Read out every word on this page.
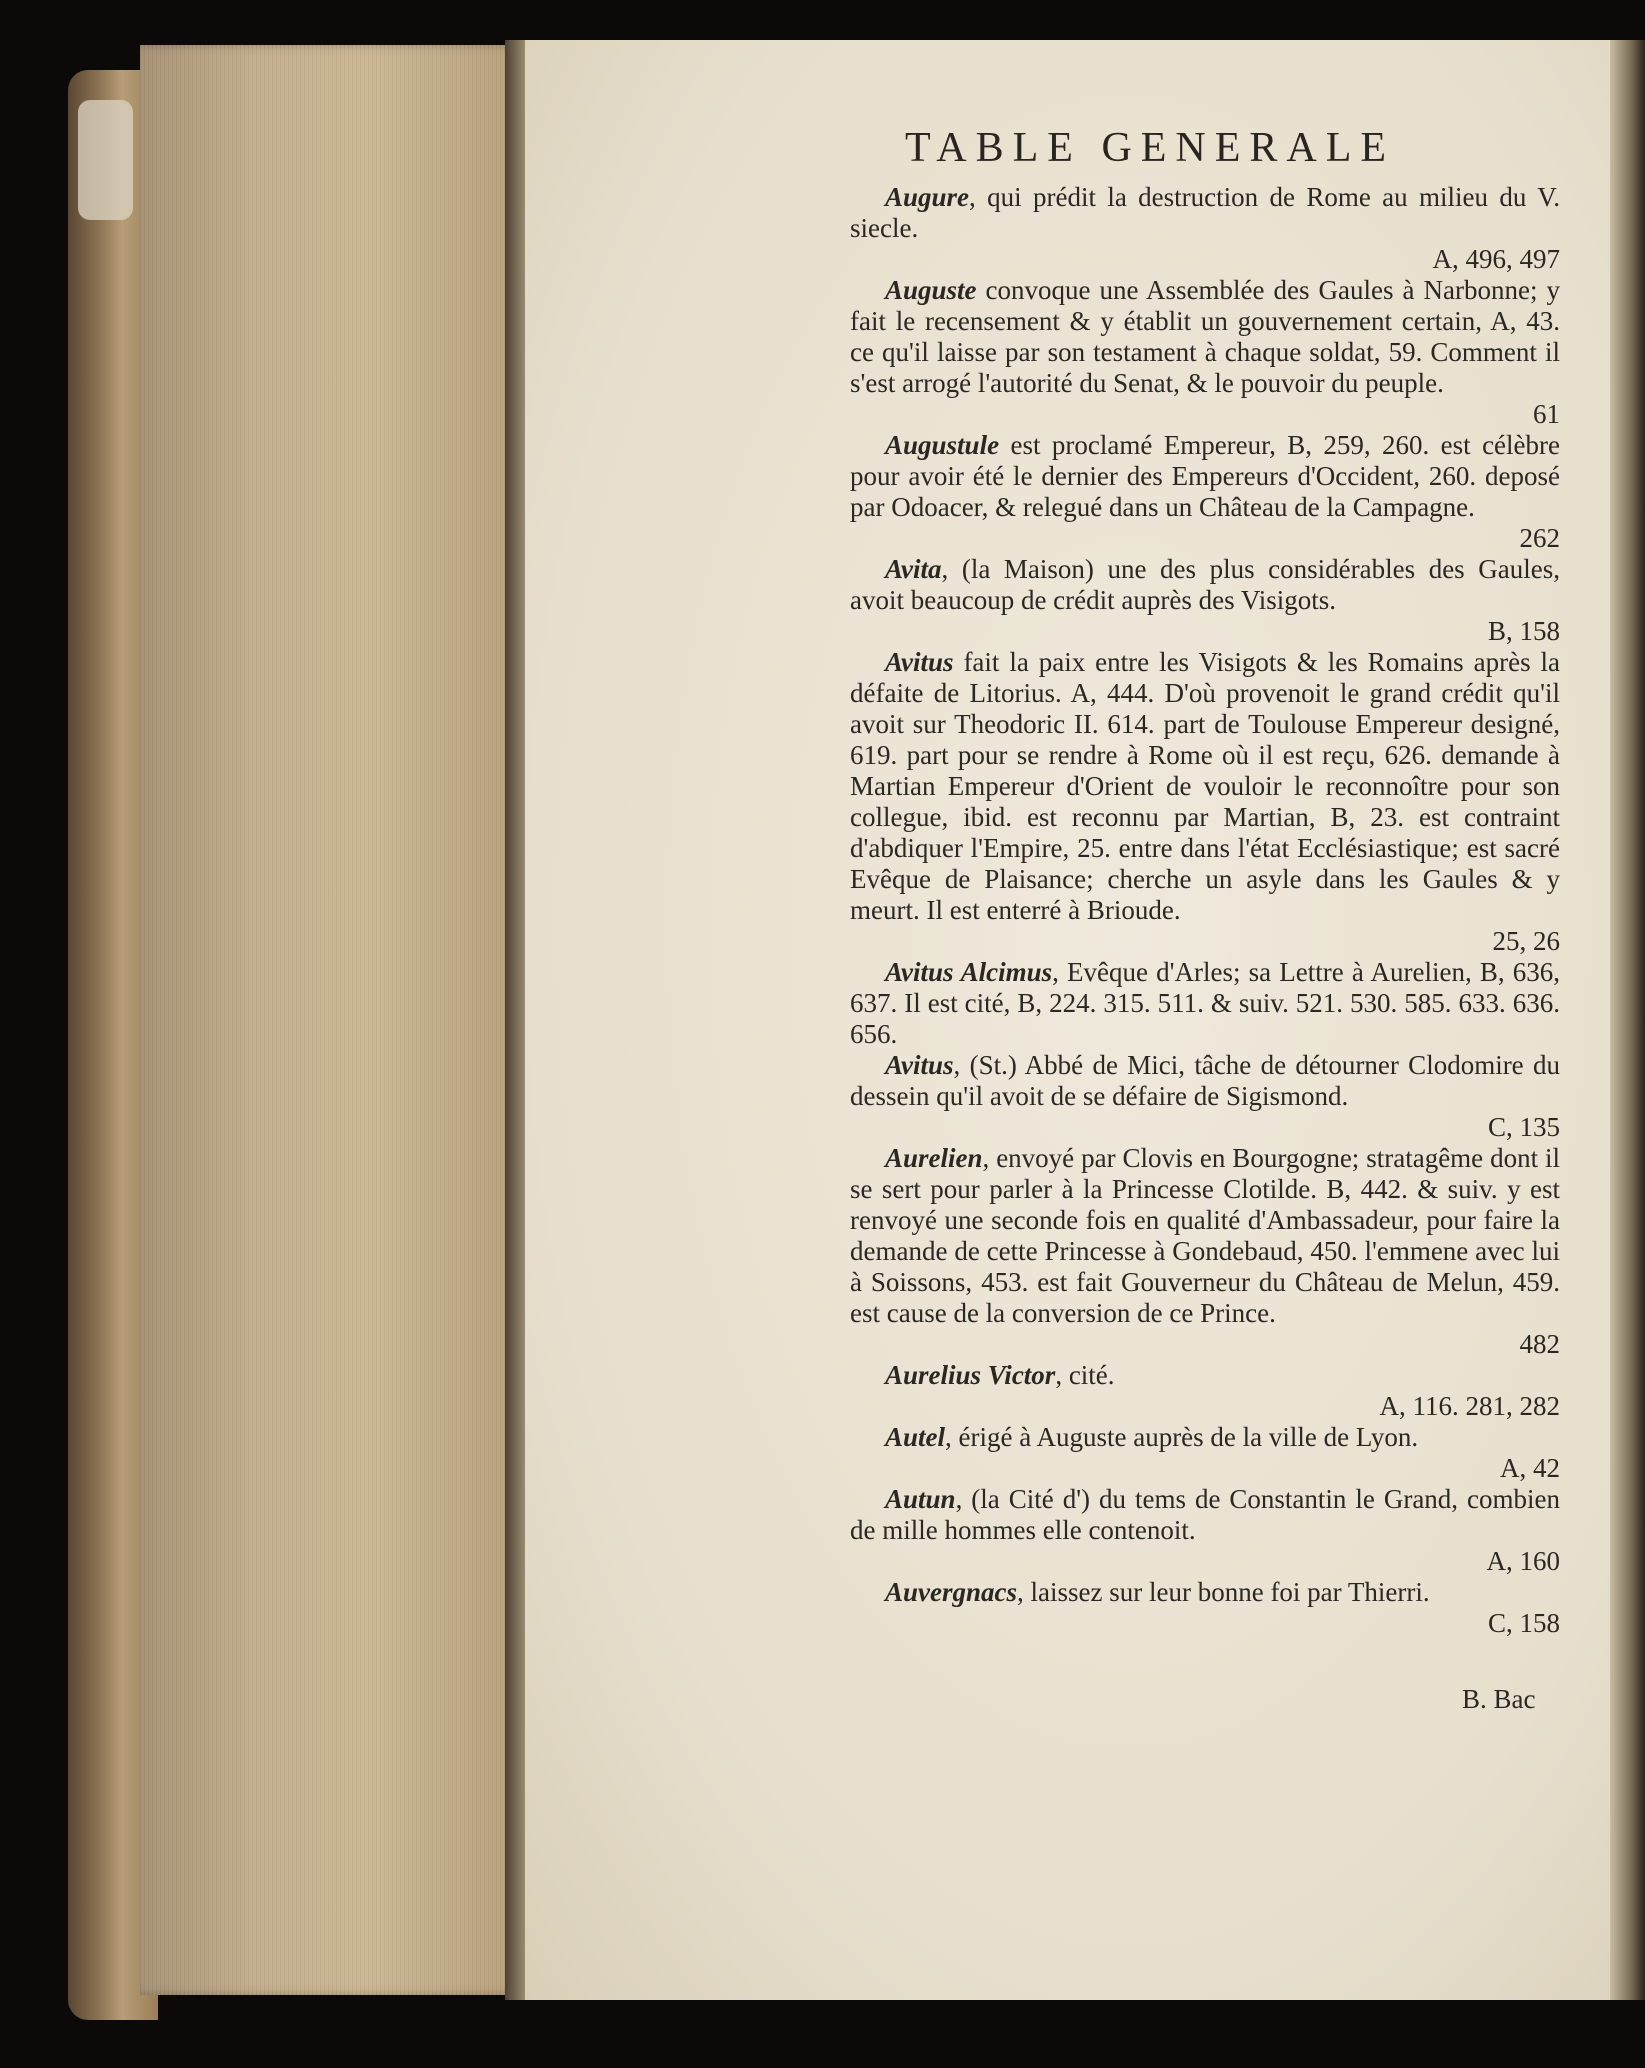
TABLE GENERALE

Augure, qui prédit la destruction de Rome au milieu du V. siecle.
A, 496, 497

Auguste convoque une Assemblée des Gaules à Narbonne; y fait le recensement & y établit un gouvernement certain, A, 43. ce qu'il laisse par son testament à chaque soldat, 59. Comment il s'est arrogé l'autorité du Senat, & le pouvoir du peuple.
61

Augustule est proclamé Empereur, B, 259, 260. est célèbre pour avoir été le dernier des Empereurs d'Occident, 260. deposé par Odoacer, & relegué dans un Château de la Campagne.
262

Avita, (la Maison) une des plus considérables des Gaules, avoit beaucoup de crédit auprès des Visigots.
B, 158

Avitus fait la paix entre les Visigots & les Romains après la défaite de Litorius. A, 444. D'où provenoit le grand crédit qu'il avoit sur Theodoric II. 614. part de Toulouse Empereur designé, 619. part pour se rendre à Rome où il est reçu, 626. demande à Martian Empereur d'Orient de vouloir le reconnoître pour son collegue, ibid. est reconnu par Martian, B, 23. est contraint d'abdiquer l'Empire, 25. entre dans l'état Ecclésiastique; est sacré Evêque de Plaisance; cherche un asyle dans les Gaules & y meurt. Il est enterré à Brioude.
25, 26

Avitus Alcimus, Evêque d'Arles; sa Lettre à Aurelien, B, 636, 637. Il est cité, B, 224. 315. 511. & suiv. 521. 530. 585. 633. 636. 656.

Avitus, (St.) Abbé de Mici, tâche de détourner Clodomire du dessein qu'il avoit de se défaire de Sigismond.
C, 135

Aurelien, envoyé par Clovis en Bourgogne; stratagême dont il se sert pour parler à la Princesse Clotilde. B, 442. & suiv. y est renvoyé une seconde fois en qualité d'Ambassadeur, pour faire la demande de cette Princesse à Gondebaud, 450. l'emmene avec lui à Soissons, 453. est fait Gouverneur du Château de Melun, 459. est cause de la conversion de ce Prince.
482

Aurelius Victor, cité.
A, 116. 281, 282

Autel, érigé à Auguste auprès de la ville de Lyon.
A, 42

Autun, (la Cité d') du tems de Constantin le Grand, combien de mille hommes elle contenoit.
A, 160

Auvergnacs, laissez sur leur bonne foi par Thierri.
C, 158

B. Bac
